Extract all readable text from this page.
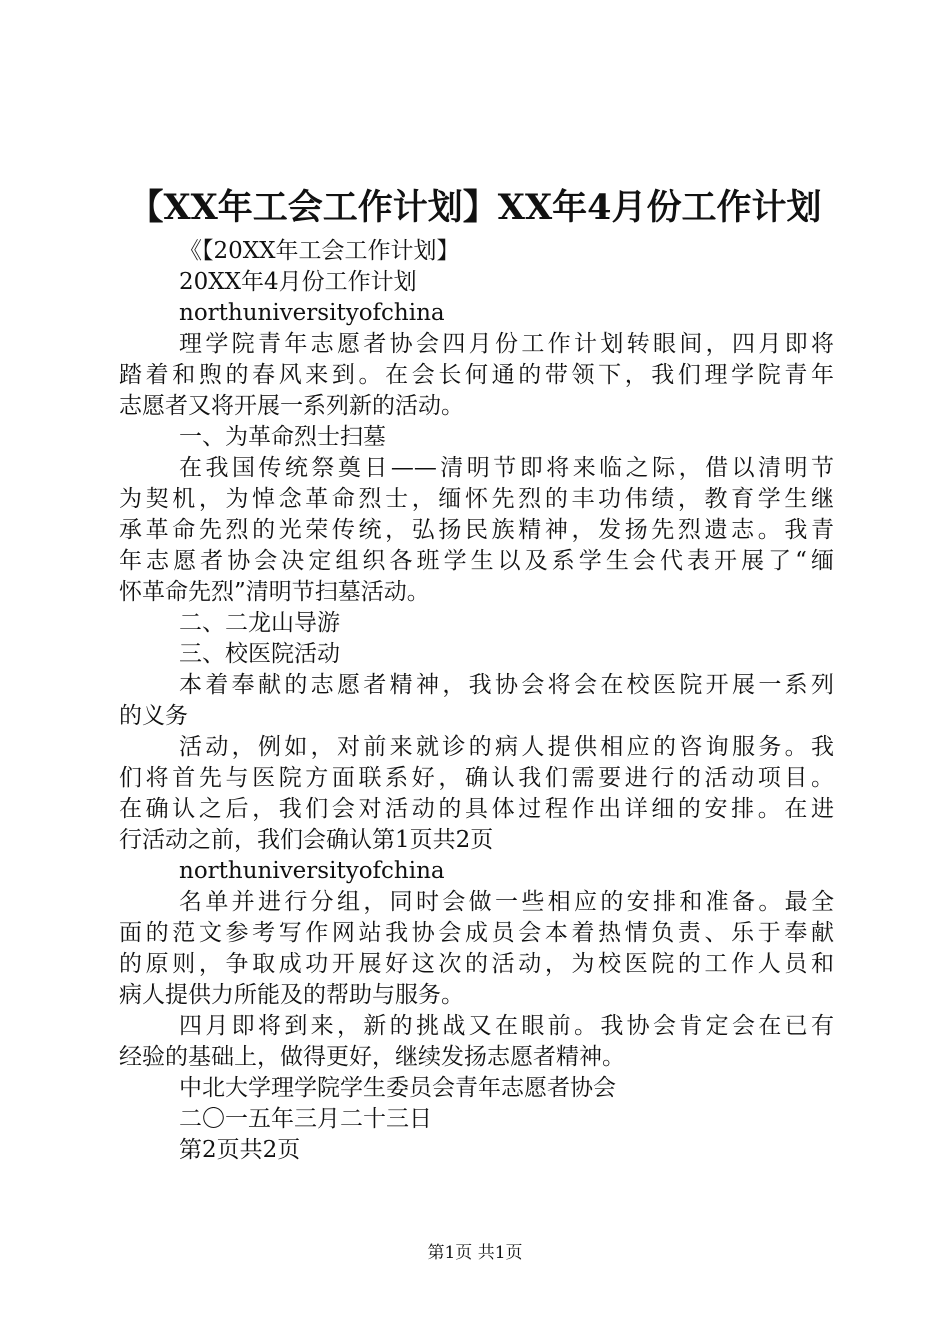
【XX年工会工作计划】XX年4月份工作计划
《【20XX年工会工作计划】
20XX年4月份工作计划
northuniversityofchina
理学院青年志愿者协会四月份工作计划转眼间，四月即将
踏着和煦的春风来到。在会长何通的带领下，我们理学院青年
志愿者又将开展一系列新的活动。
一、为革命烈士扫墓
在我国传统祭奠日——清明节即将来临之际，借以清明节
为契机，为悼念革命烈士，缅怀先烈的丰功伟绩，教育学生继
承革命先烈的光荣传统，弘扬民族精神，发扬先烈遗志。我青
年志愿者协会决定组织各班学生以及系学生会代表开展了“缅
怀革命先烈”清明节扫墓活动。
二、二龙山导游
三、校医院活动
本着奉献的志愿者精神，我协会将会在校医院开展一系列
的义务
活动，例如，对前来就诊的病人提供相应的咨询服务。我
们将首先与医院方面联系好，确认我们需要进行的活动项目。
在确认之后，我们会对活动的具体过程作出详细的安排。在进
行活动之前，我们会确认第1页共2页
northuniversityofchina
名单并进行分组，同时会做一些相应的安排和准备。最全
面的范文参考写作网站我协会成员会本着热情负责、乐于奉献
的原则，争取成功开展好这次的活动，为校医院的工作人员和
病人提供力所能及的帮助与服务。
四月即将到来，新的挑战又在眼前。我协会肯定会在已有
经验的基础上，做得更好，继续发扬志愿者精神。
中北大学理学院学生委员会青年志愿者协会
二〇一五年三月二十三日
第2页共2页
第1页 共1页
